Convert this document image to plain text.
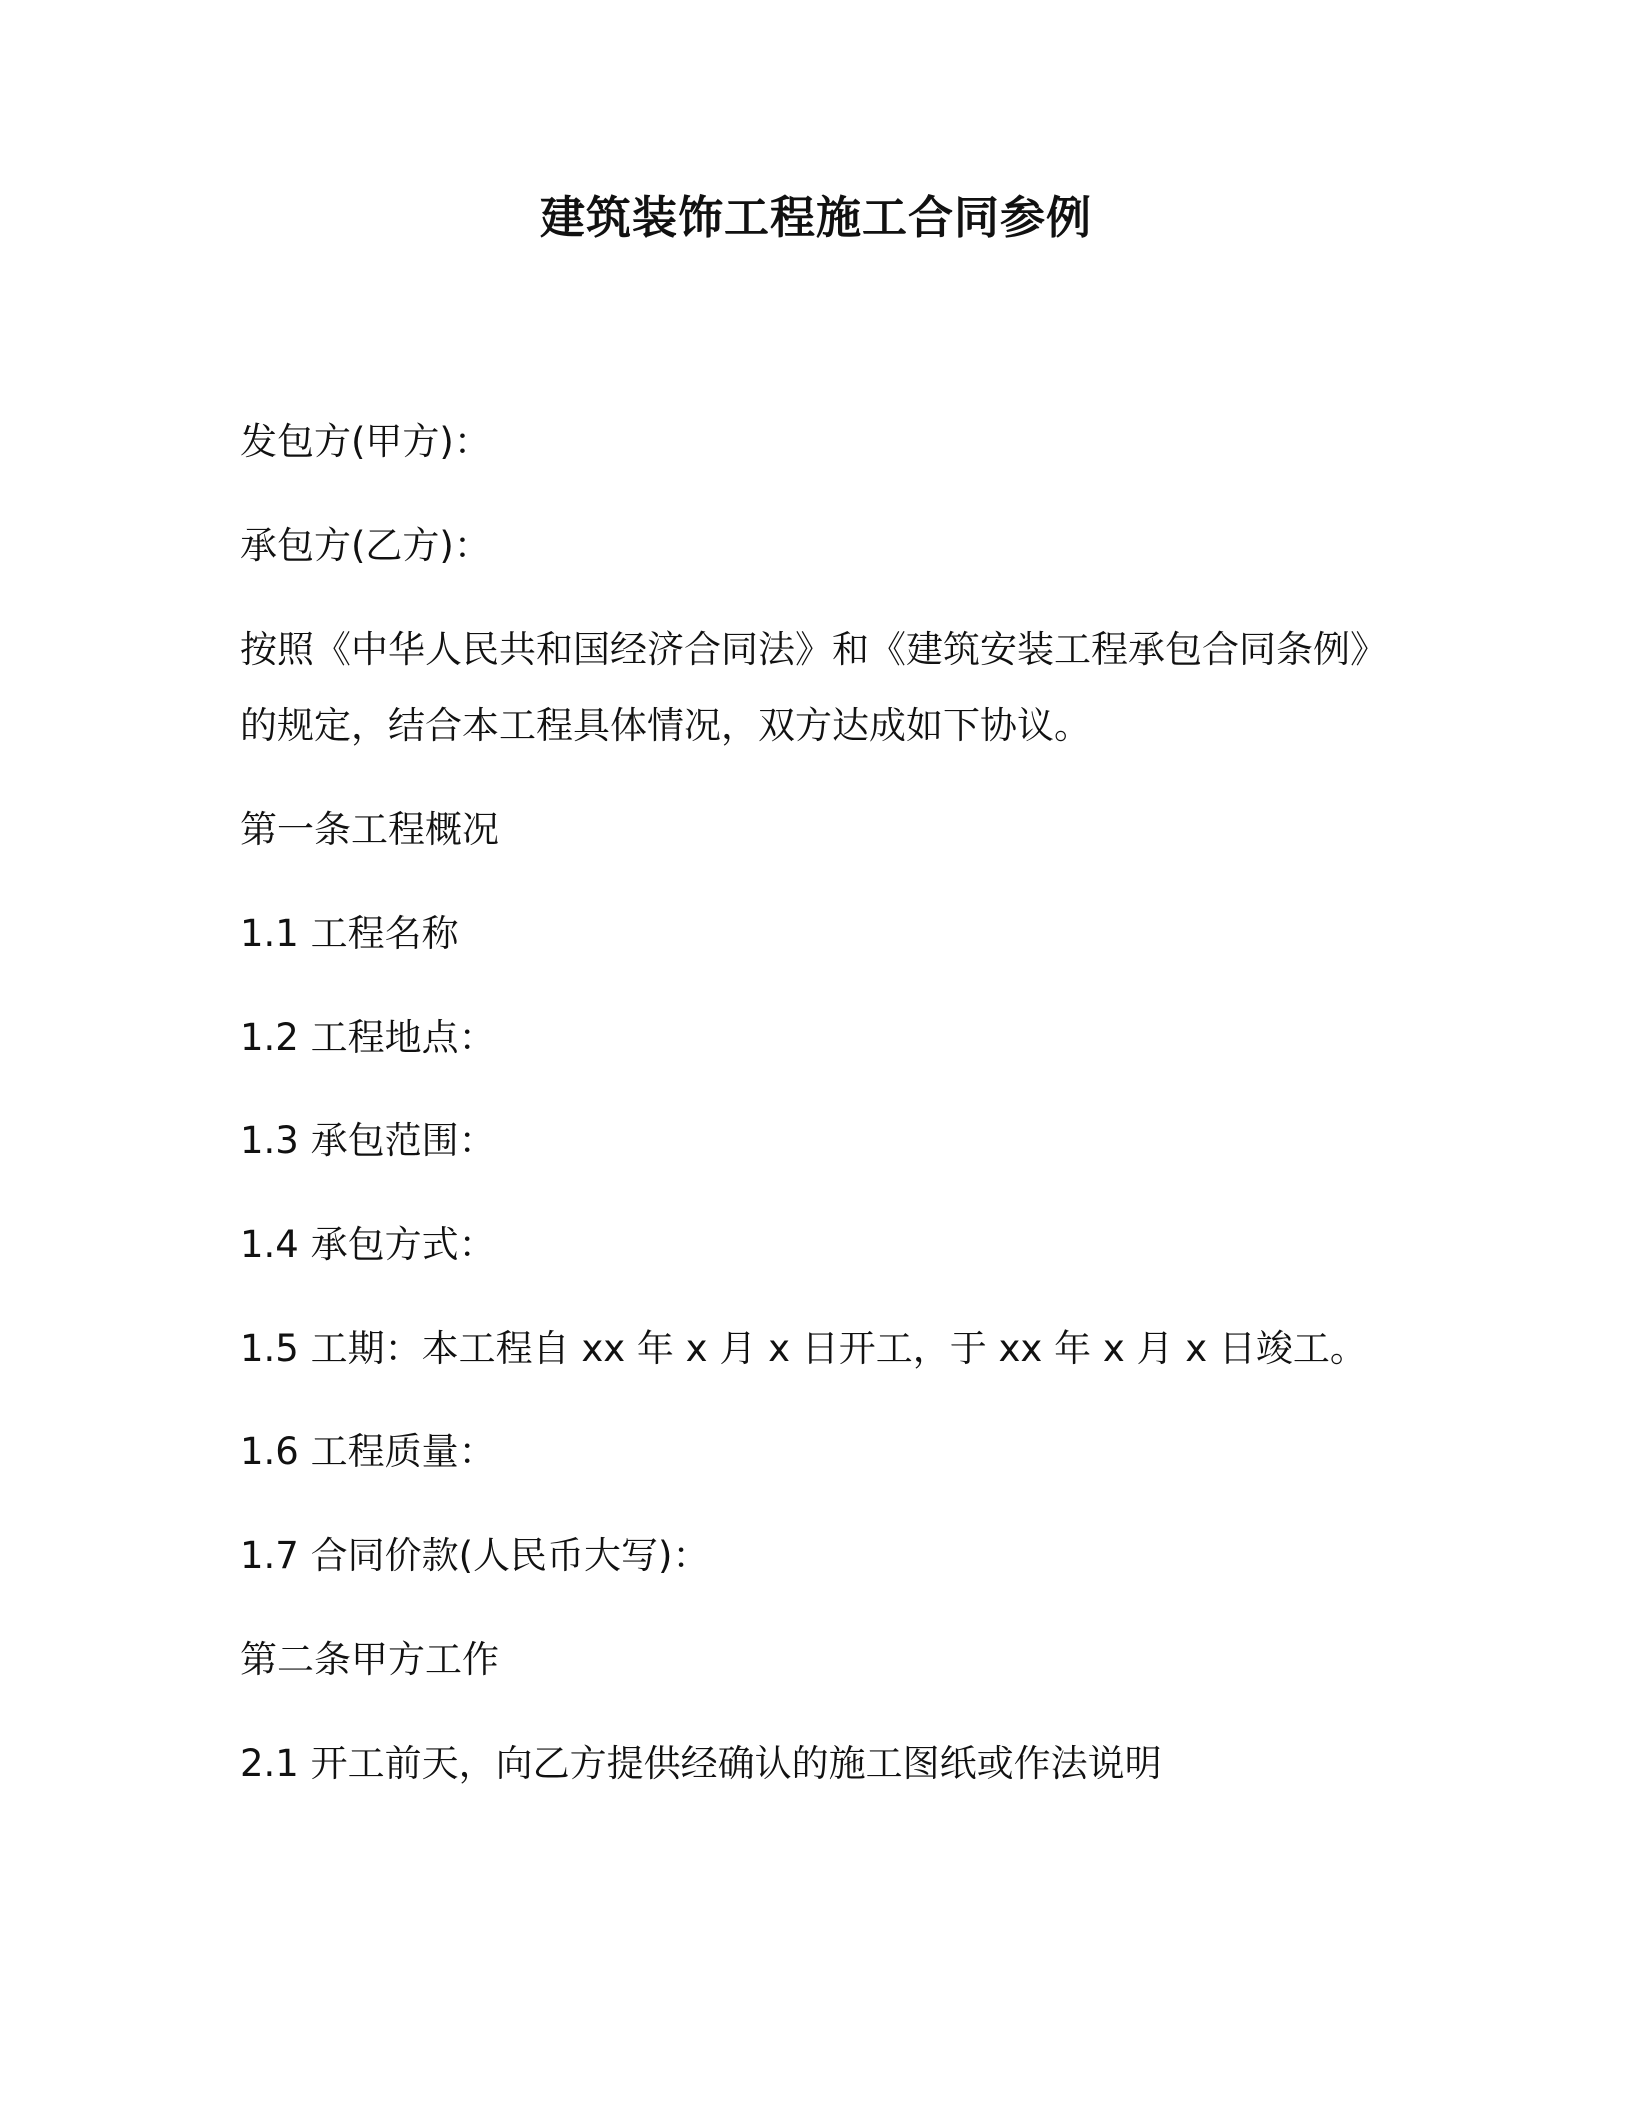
建筑装饰工程施工合同参例
发包方(甲方)：
承包方(乙方)：
按照《中华人民共和国经济合同法》和《建筑安装工程承包合同条例》
的规定，结合本工程具体情况，双方达成如下协议。
第一条工程概况
1.1 工程名称
1.2 工程地点：
1.3 承包范围：
1.4 承包方式：
1.5 工期：本工程自 xx 年 x 月 x 日开工，于 xx 年 x 月 x 日竣工。
1.6 工程质量：
1.7 合同价款(人民币大写)：
第二条甲方工作
2.1 开工前天，向乙方提供经确认的施工图纸或作法说明
